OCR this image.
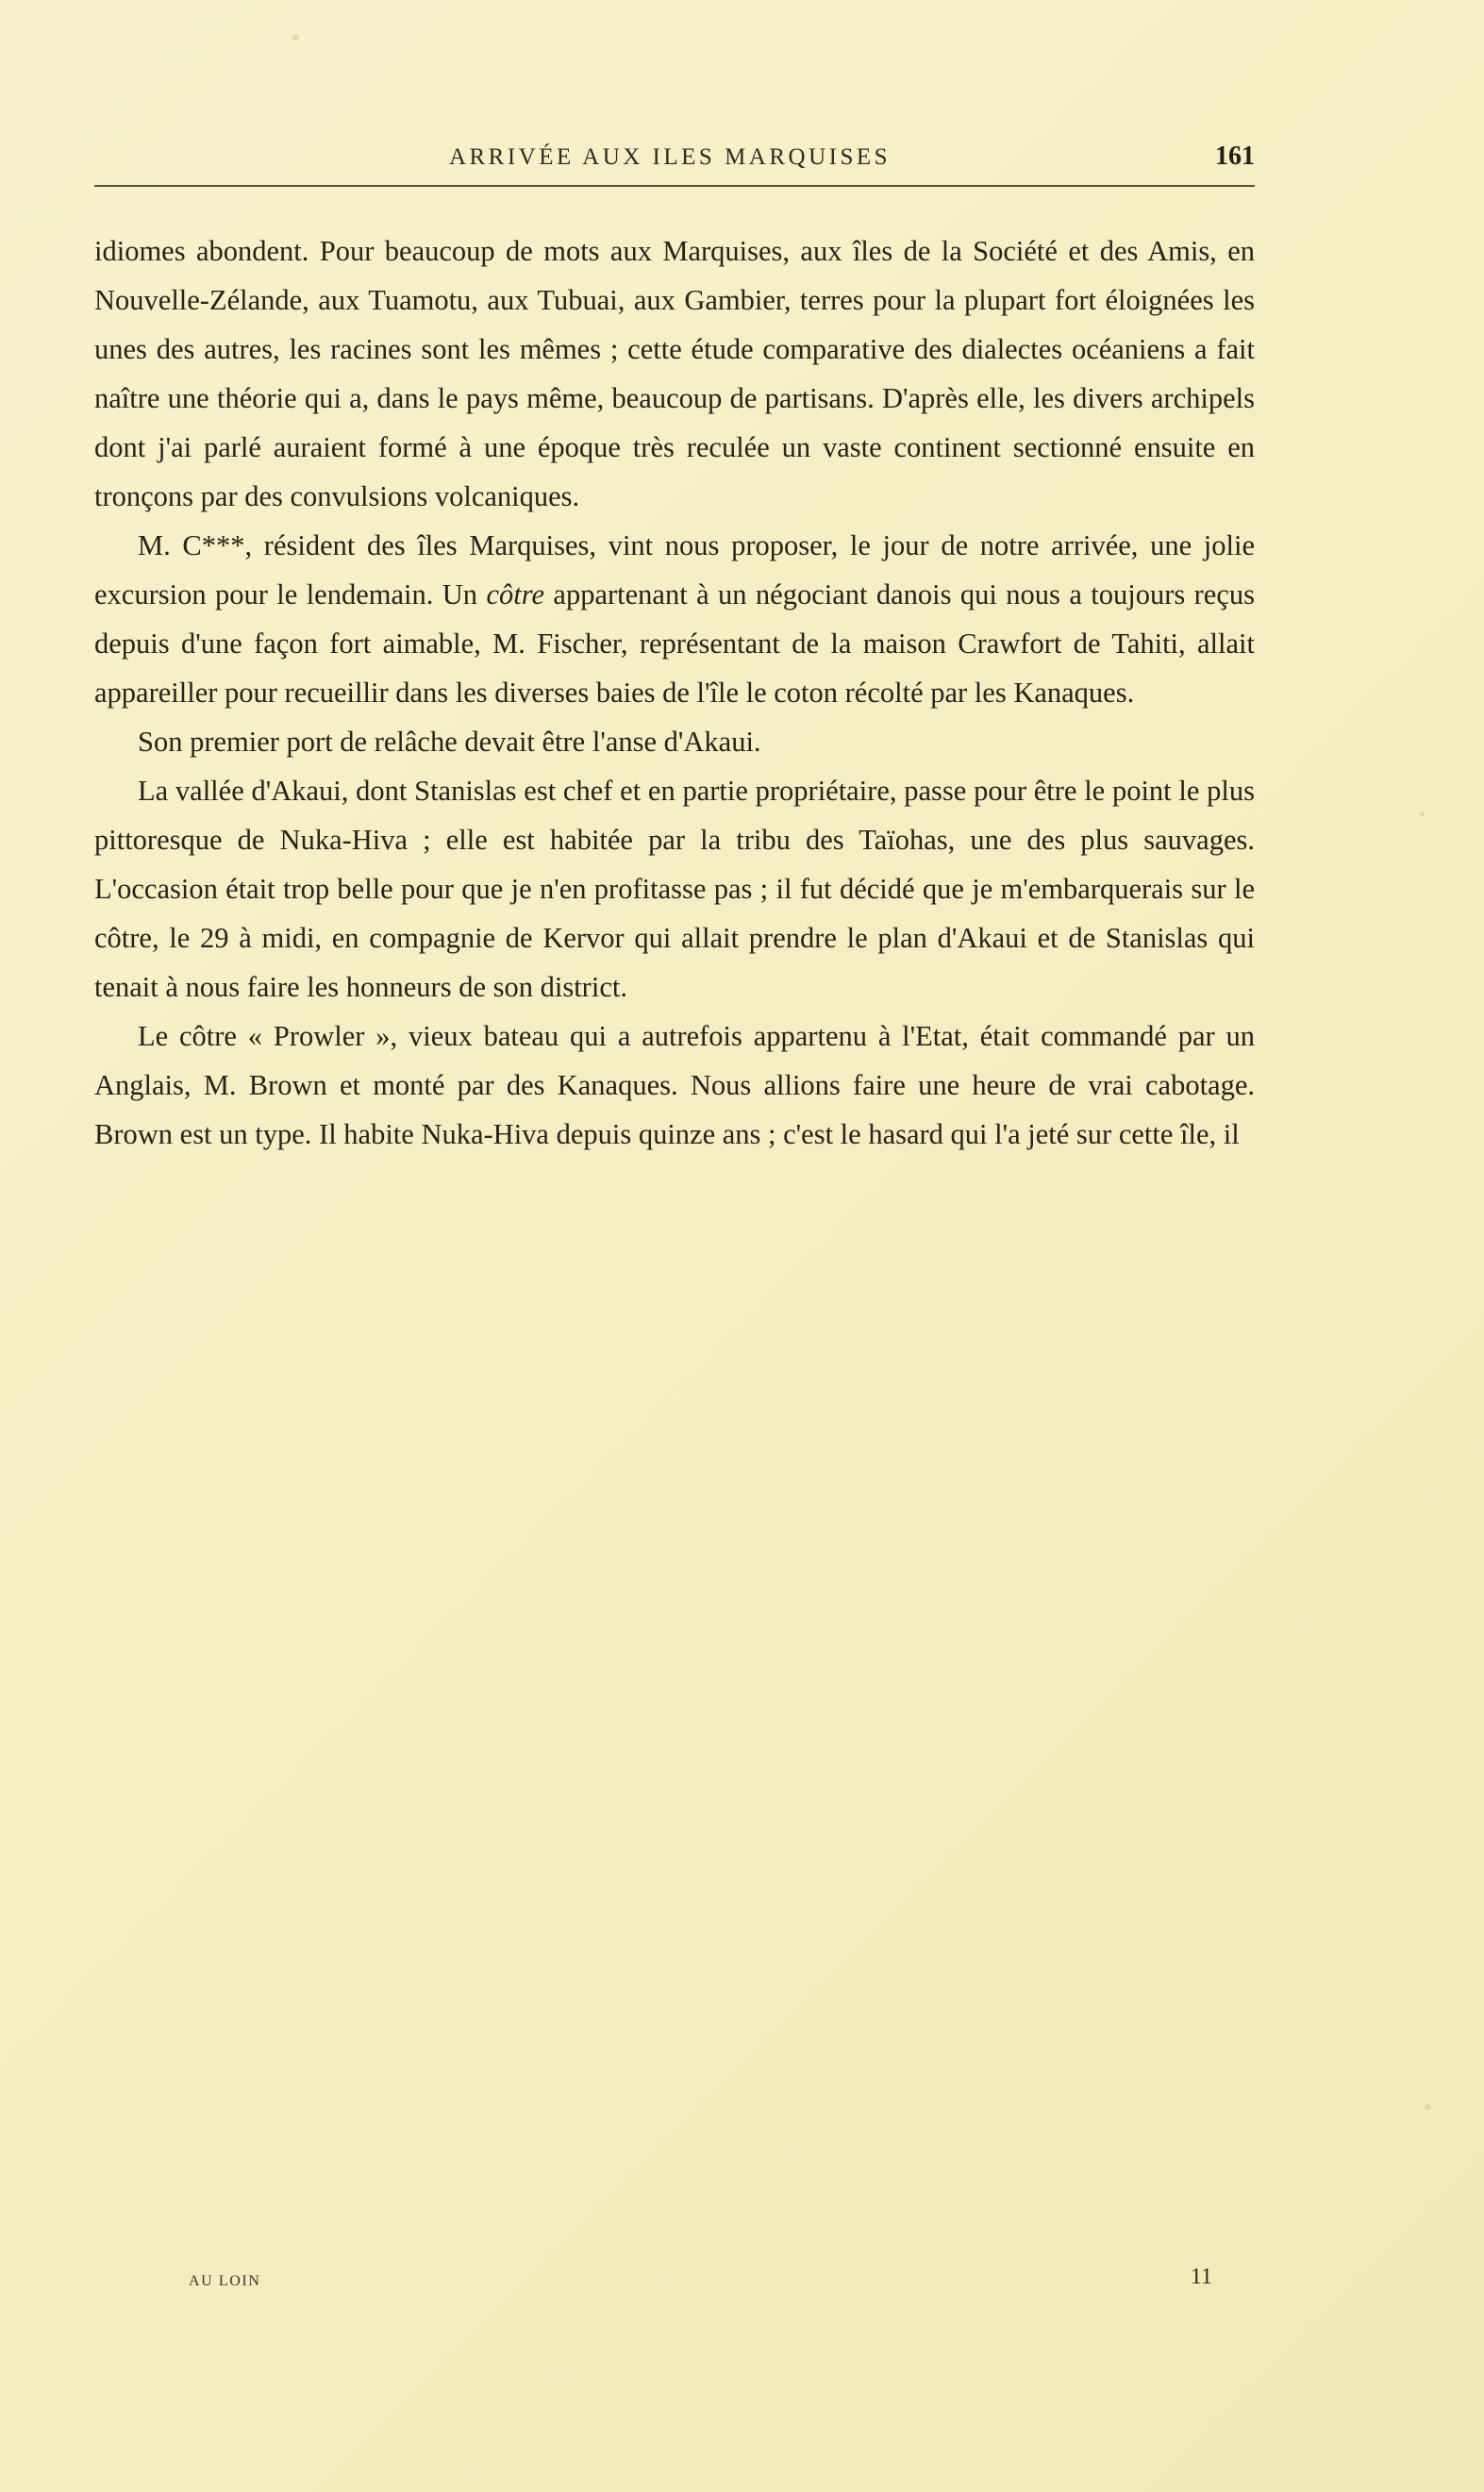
ARRIVÉE AUX ILES MARQUISES	161

idiomes abondent. Pour beaucoup de mots aux Marquises, aux îles de la Société et des Amis, en Nouvelle-Zélande, aux Tuamotu, aux Tubuai, aux Gambier, terres pour la plupart fort éloignées les unes des autres, les racines sont les mêmes ; cette étude comparative des dialectes océaniens a fait naître une théorie qui a, dans le pays même, beaucoup de partisans. D'après elle, les divers archipels dont j'ai parlé auraient formé à une époque très reculée un vaste continent sectionné ensuite en tronçons par des convulsions volcaniques.

M. C***, résident des îles Marquises, vint nous proposer, le jour de notre arrivée, une jolie excursion pour le lendemain. Un côtre appartenant à un négociant danois qui nous a toujours reçus depuis d'une façon fort aimable, M. Fischer, représentant de la maison Crawfort de Tahiti, allait appareiller pour recueillir dans les diverses baies de l'île le coton récolté par les Kanaques.

Son premier port de relâche devait être l'anse d'Akaui.

La vallée d'Akaui, dont Stanislas est chef et en partie propriétaire, passe pour être le point le plus pittoresque de Nuka-Hiva ; elle est habitée par la tribu des Taïohas, une des plus sauvages. L'occasion était trop belle pour que je n'en profitasse pas ; il fut décidé que je m'embarquerais sur le côtre, le 29 à midi, en compagnie de Kervor qui allait prendre le plan d'Akaui et de Stanislas qui tenait à nous faire les honneurs de son district.

Le côtre « Prowler », vieux bateau qui a autrefois appartenu à l'Etat, était commandé par un Anglais, M. Brown et monté par des Kanaques. Nous allions faire une heure de vrai cabotage. Brown est un type. Il habite Nuka-Hiva depuis quinze ans ; c'est le hasard qui l'a jeté sur cette île, il

AU LOIN	11
